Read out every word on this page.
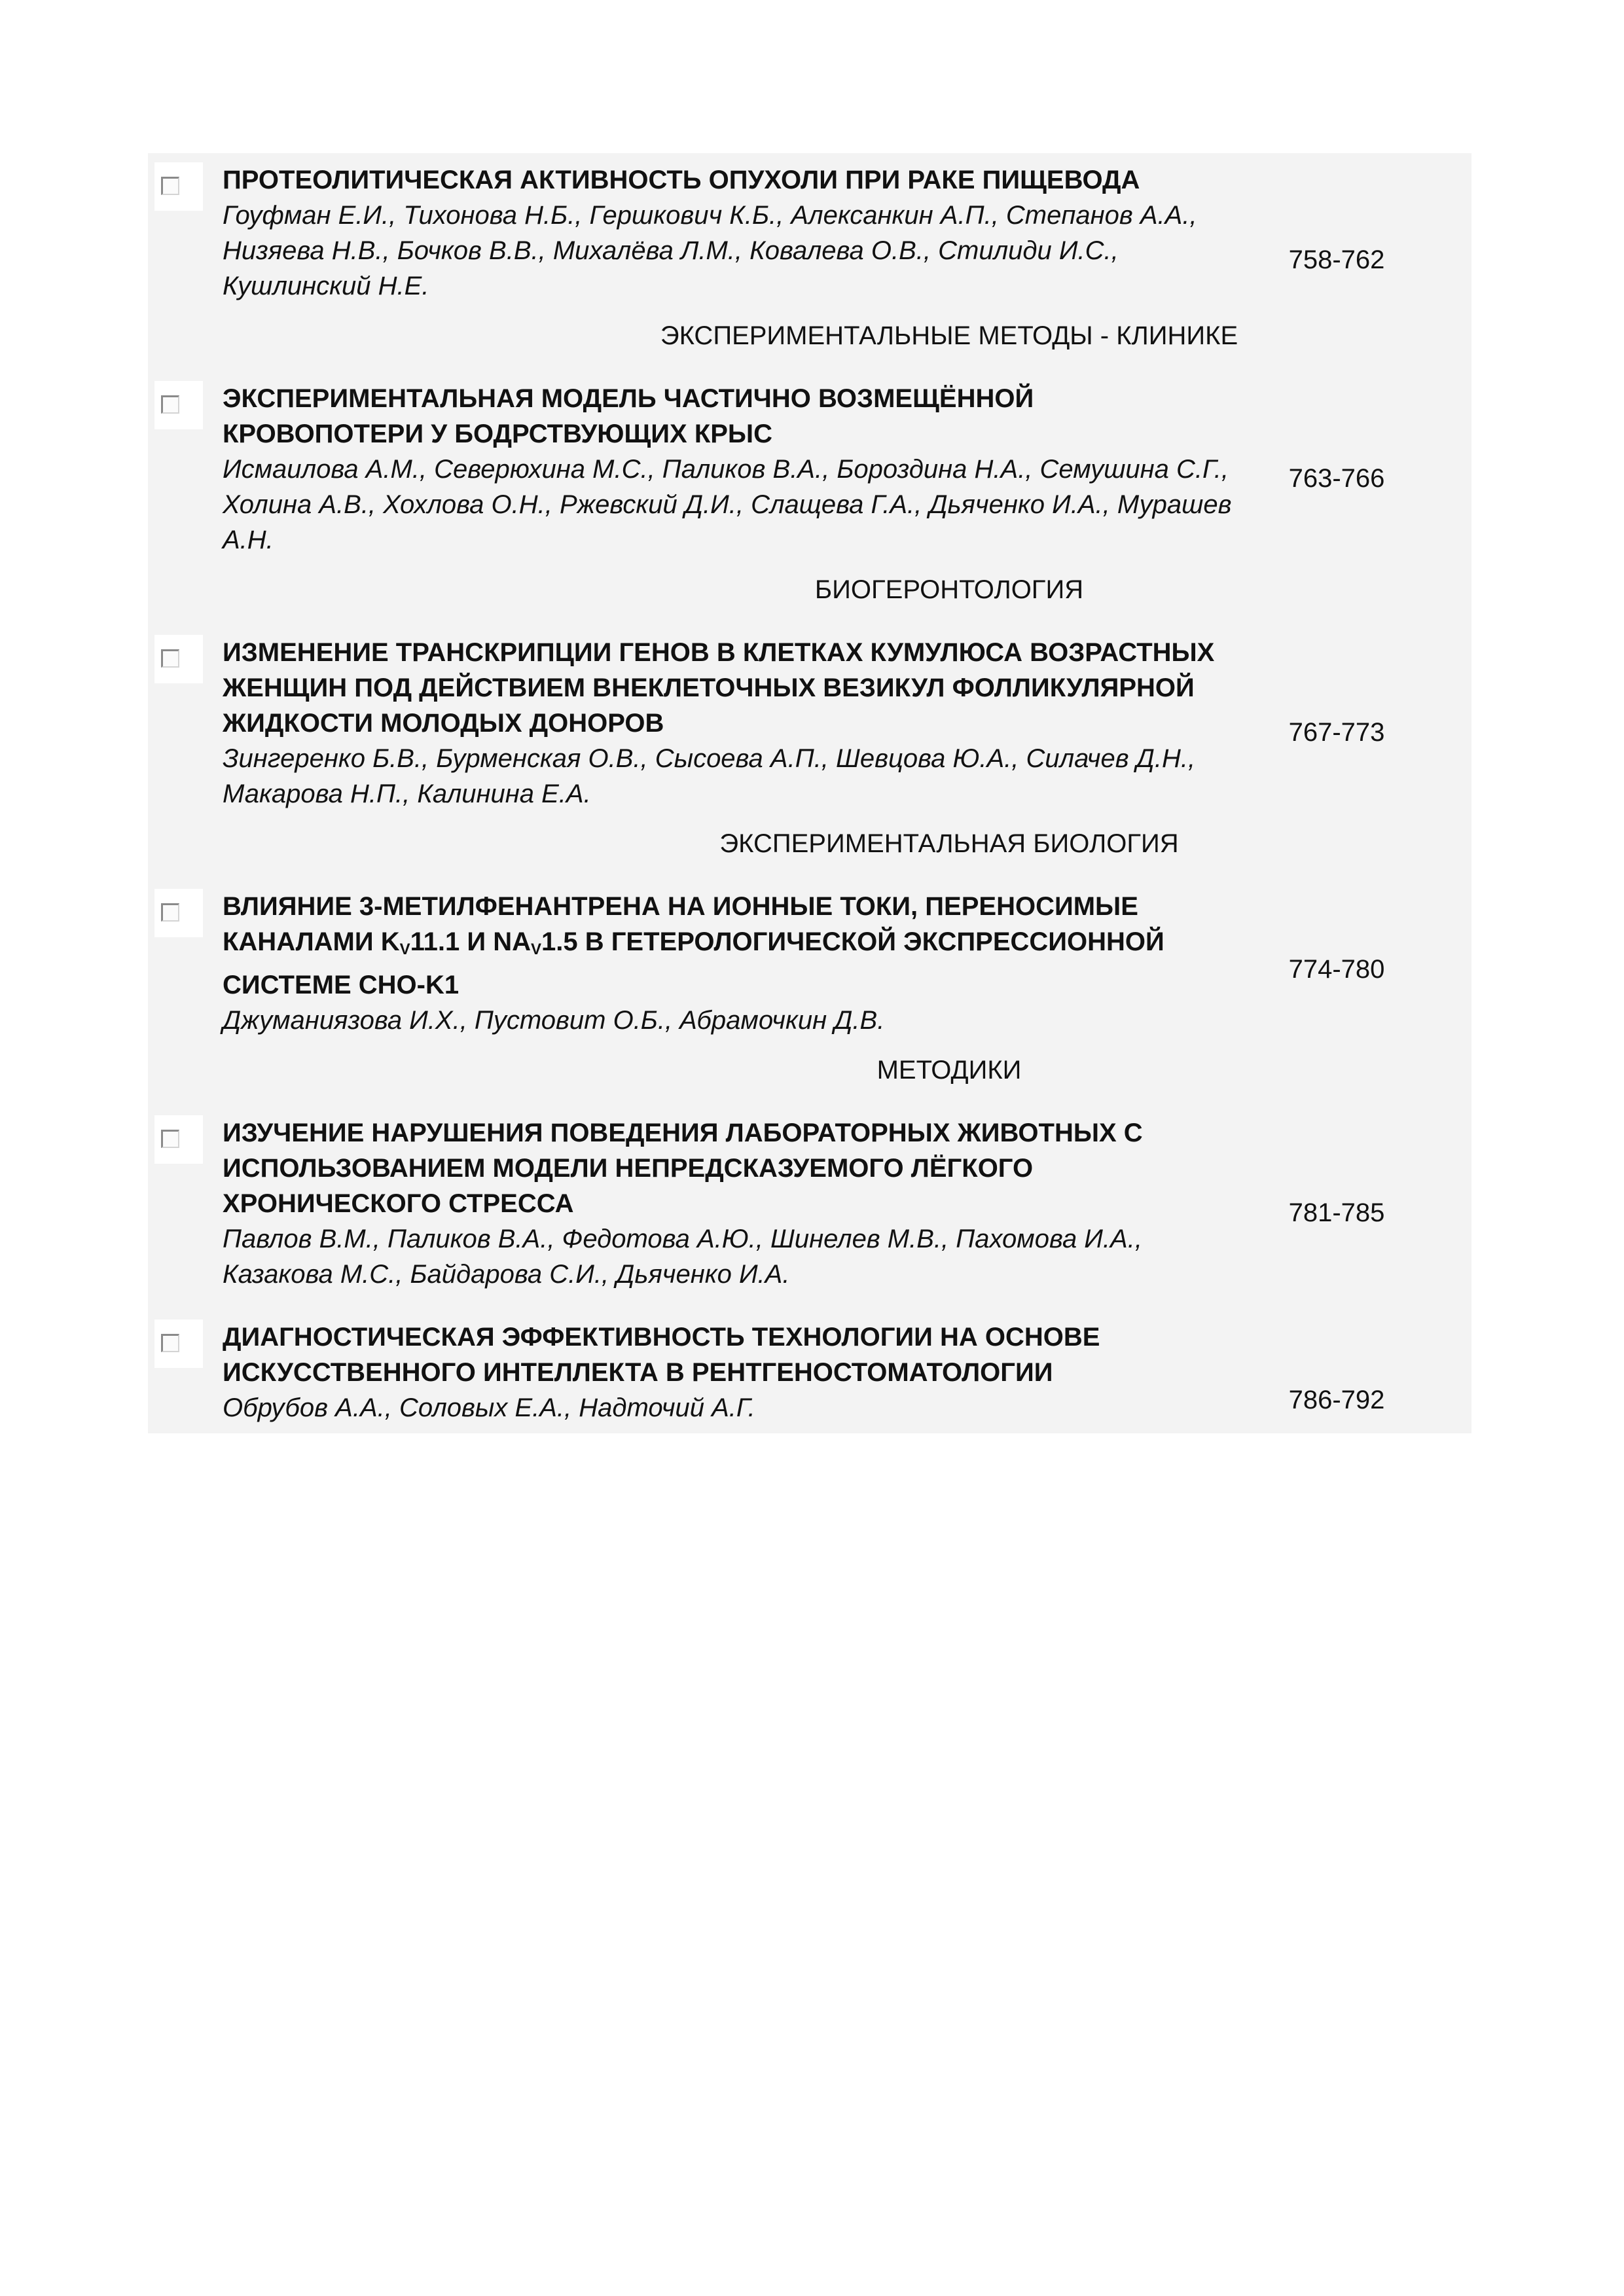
ПРОТЕОЛИТИЧЕСКАЯ АКТИВНОСТЬ ОПУХОЛИ ПРИ РАКЕ ПИЩЕВОДА
Гоуфман Е.И., Тихонова Н.Б., Гершкович К.Б., Алексанкин А.П., Степанов А.А., Низяева Н.В., Бочков В.В., Михалёва Л.М., Ковалева О.В., Стилиди И.С., Кушлинский Н.Е.
758-762
ЭКСПЕРИМЕНТАЛЬНЫЕ МЕТОДЫ - КЛИНИКЕ
ЭКСПЕРИМЕНТАЛЬНАЯ МОДЕЛЬ ЧАСТИЧНО ВОЗМЕЩЁННОЙ КРОВОПОТЕРИ У БОДРСТВУЮЩИХ КРЫС
Исмаилова А.М., Северюхина М.С., Паликов В.А., Бороздина Н.А., Семушина С.Г., Холина А.В., Хохлова О.Н., Ржевский Д.И., Слащева Г.А., Дьяченко И.А., Мурашев А.Н.
763-766
БИОГЕРОНТОЛОГИЯ
ИЗМЕНЕНИЕ ТРАНСКРИПЦИИ ГЕНОВ В КЛЕТКАХ КУМУЛЮСА ВОЗРАСТНЫХ ЖЕНЩИН ПОД ДЕЙСТВИЕМ ВНЕКЛЕТОЧНЫХ ВЕЗИКУЛ ФОЛЛИКУЛЯРНОЙ ЖИДКОСТИ МОЛОДЫХ ДОНОРОВ
Зингеренко Б.В., Бурменская О.В., Сысоева А.П., Шевцова Ю.А., Силачев Д.Н., Макарова Н.П., Калинина Е.А.
767-773
ЭКСПЕРИМЕНТАЛЬНАЯ БИОЛОГИЯ
ВЛИЯНИЕ 3-МЕТИЛФЕНАНТРЕНА НА ИОННЫЕ ТОКИ, ПЕРЕНОСИМЫЕ КАНАЛАМИ $K_V11.1$ И $NA_V1.5$ В ГЕТЕРОЛОГИЧЕСКОЙ ЭКСПРЕССИОННОЙ СИСТЕМЕ CHO-K1
Джуманиязова И.Х., Пустовит О.Б., Абрамочкин Д.В.
774-780
МЕТОДИКИ
ИЗУЧЕНИЕ НАРУШЕНИЯ ПОВЕДЕНИЯ ЛАБОРАТОРНЫХ ЖИВОТНЫХ С ИСПОЛЬЗОВАНИЕМ МОДЕЛИ НЕПРЕДСКАЗУЕМОГО ЛЁГКОГО ХРОНИЧЕСКОГО СТРЕССА
Павлов В.М., Паликов В.А., Федотова А.Ю., Шинелев М.В., Пахомова И.А., Казакова М.С., Байдарова С.И., Дьяченко И.А.
781-785
ДИАГНОСТИЧЕСКАЯ ЭФФЕКТИВНОСТЬ ТЕХНОЛОГИИ НА ОСНОВЕ ИСКУССТВЕННОГО ИНТЕЛЛЕКТА В РЕНТГЕНОСТОМАТОЛОГИИ
Обрубов А.А., Соловых Е.А., Надточий А.Г.	786-792
